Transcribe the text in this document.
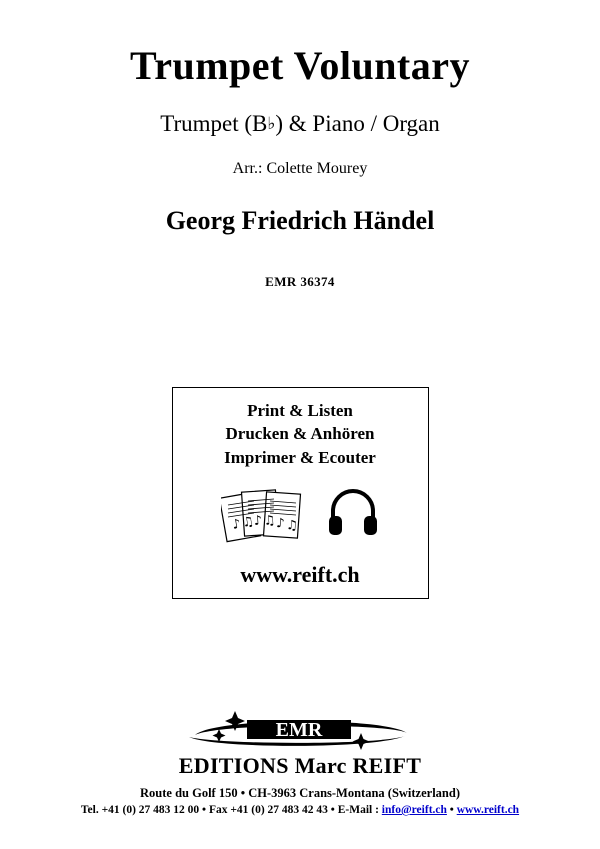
Trumpet Voluntary

Trumpet (B♭) & Piano / Organ

Arr.: Colette Mourey

Georg Friedrich Händel

EMR 36374

Print & Listen
Drucken & Anhören
Imprimer & Ecouter
♪ ♫
♪ ♫ ♪ ♫
www.reift.ch
EMR
EDITIONS Marc REIFT
Route du Golf 150 • CH-3963 Crans-Montana (Switzerland)
Tel. +41 (0) 27 483 12 00 • Fax +41 (0) 27 483 42 43 • E-Mail : info@reift.ch • www.reift.ch
